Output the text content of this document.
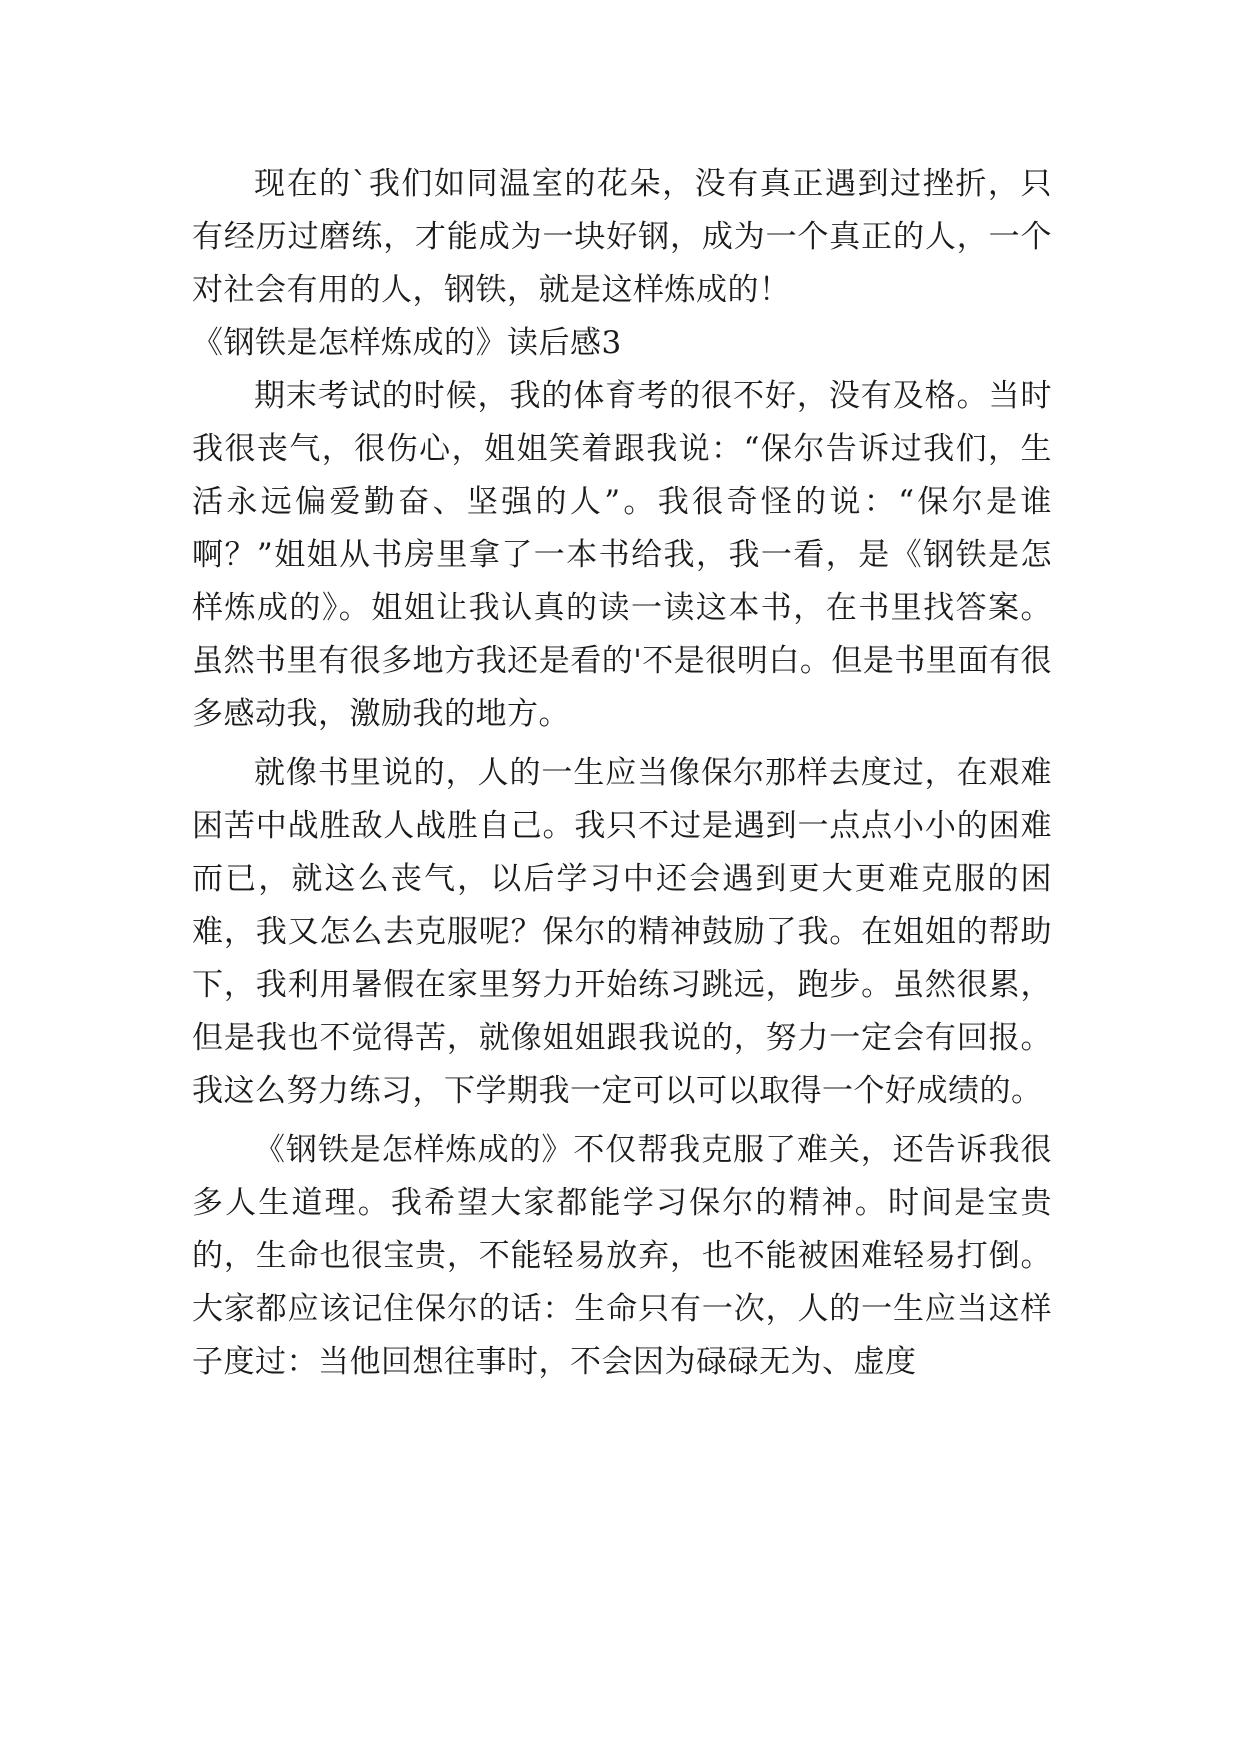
现在的`我们如同温室的花朵，没有真正遇到过挫折，只有经历过磨练，才能成为一块好钢，成为一个真正的人，一个对社会有用的人，钢铁，就是这样炼成的！

《钢铁是怎样炼成的》读后感3

期末考试的时候，我的体育考的很不好，没有及格。当时我很丧气，很伤心，姐姐笑着跟我说：“保尔告诉过我们，生活永远偏爱勤奋、坚强的人”。我很奇怪的说：“保尔是谁啊？”姐姐从书房里拿了一本书给我，我一看，是《钢铁是怎样炼成的》。姐姐让我认真的读一读这本书，在书里找答案。虽然书里有很多地方我还是看的'不是很明白。但是书里面有很多感动我，激励我的地方。

就像书里说的，人的一生应当像保尔那样去度过，在艰难困苦中战胜敌人战胜自己。我只不过是遇到一点点小小的困难而已，就这么丧气，以后学习中还会遇到更大更难克服的困难，我又怎么去克服呢？保尔的精神鼓励了我。在姐姐的帮助下，我利用暑假在家里努力开始练习跳远，跑步。虽然很累，但是我也不觉得苦，就像姐姐跟我说的，努力一定会有回报。我这么努力练习，下学期我一定可以可以取得一个好成绩的。

《钢铁是怎样炼成的》不仅帮我克服了难关，还告诉我很多人生道理。我希望大家都能学习保尔的精神。时间是宝贵的，生命也很宝贵，不能轻易放弃，也不能被困难轻易打倒。大家都应该记住保尔的话：生命只有一次，人的一生应当这样子度过：当他回想往事时，不会因为碌碌无为、虚度
